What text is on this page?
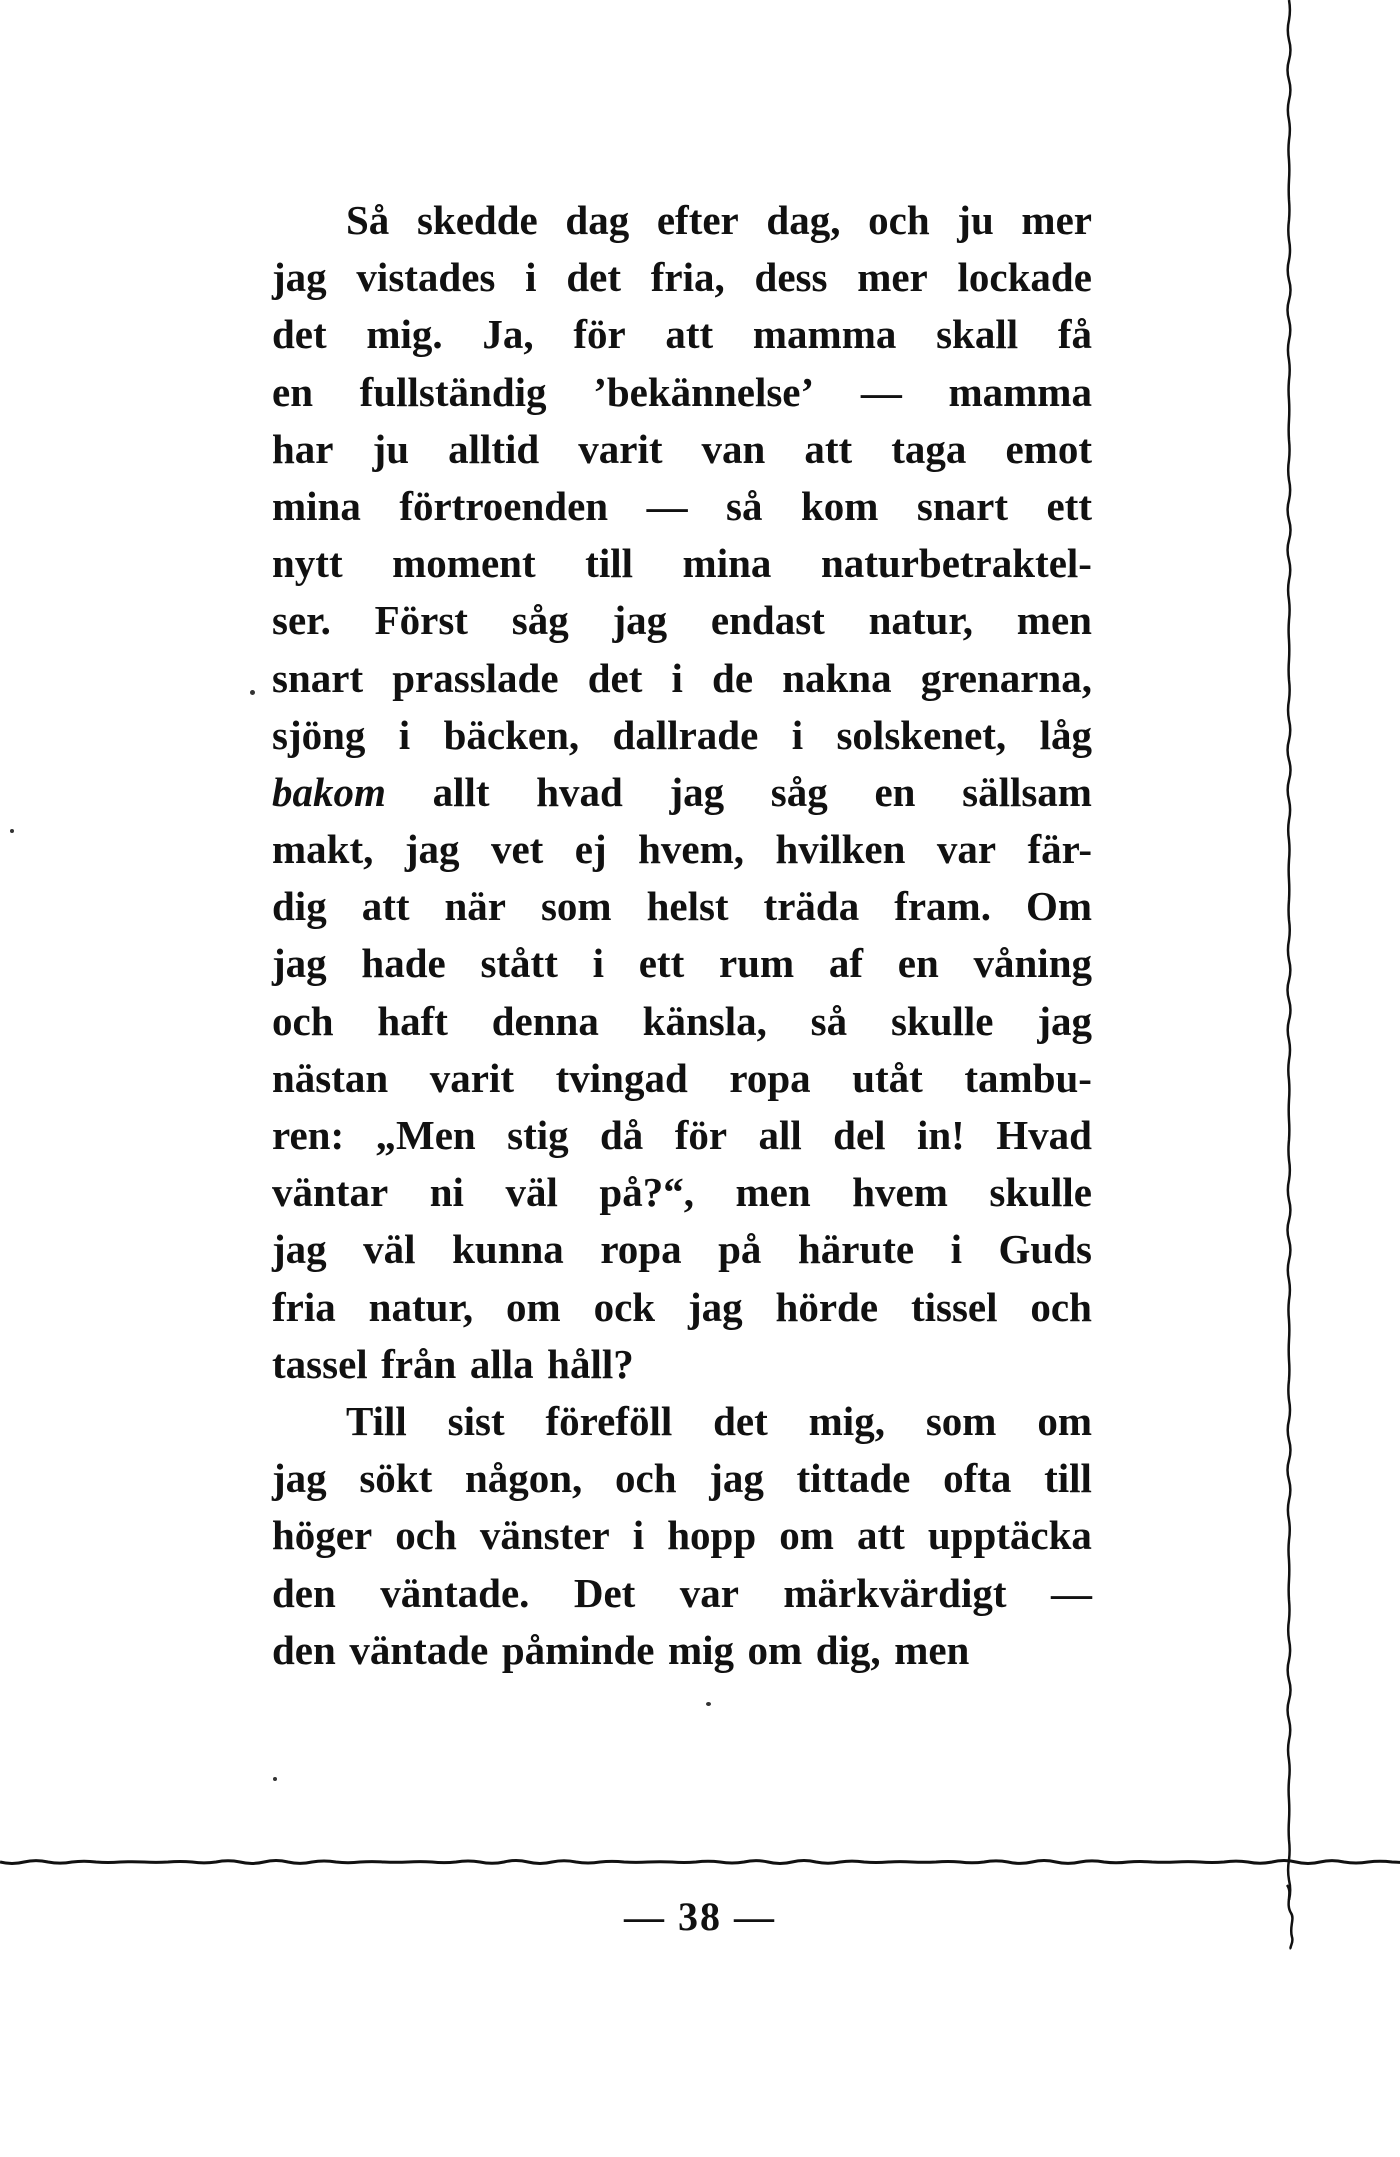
Så skedde dag efter dag, och ju mer
jag vistades i det fria, dess mer lockade
det mig. Ja, för att mamma skall få
en fullständig ’bekännelse’ — mamma
har ju alltid varit van att taga emot
mina förtroenden — så kom snart ett
nytt moment till mina naturbetraktel-
ser. Först såg jag endast natur, men
snart prasslade det i de nakna grenarna,
sjöng i bäcken, dallrade i solskenet, låg
bakom allt hvad jag såg en sällsam
makt, jag vet ej hvem, hvilken var fär-
dig att när som helst träda fram. Om
jag hade stått i ett rum af en våning
och haft denna känsla, så skulle jag
nästan varit tvingad ropa utåt tambu-
ren: „Men stig då för all del in! Hvad
väntar ni väl på?“, men hvem skulle
jag väl kunna ropa på härute i Guds
fria natur, om ock jag hörde tissel och
tassel från alla håll?
Till sist föreföll det mig, som om
jag sökt någon, och jag tittade ofta till
höger och vänster i hopp om att upptäcka
den väntade. Det var märkvärdigt —
den väntade påminde mig om dig, men
— 38 —
